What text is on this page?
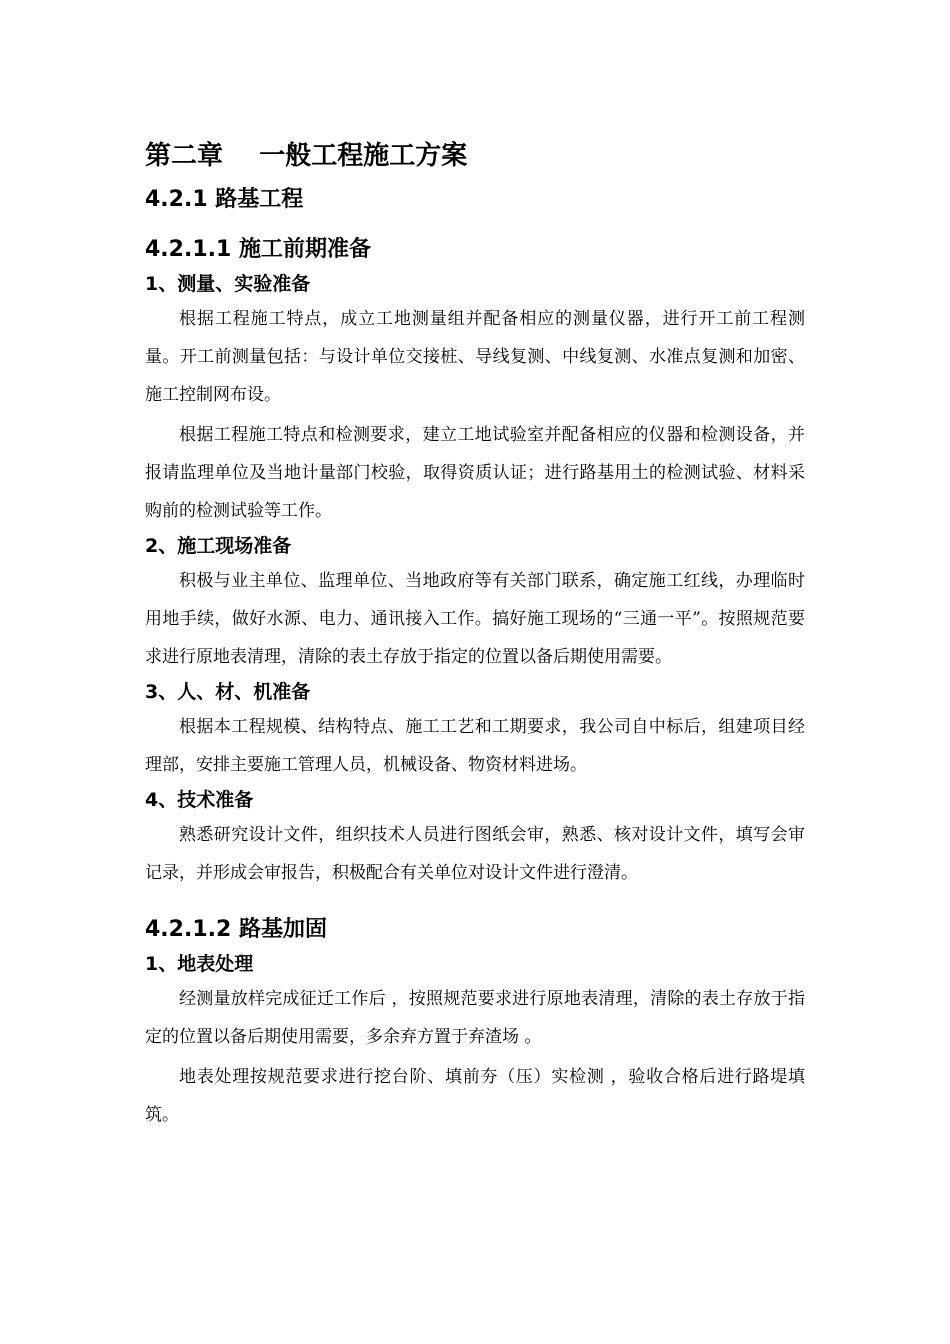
第二章    一般工程施工方案
4.2.1 路基工程
4.2.1.1 施工前期准备
1、测量、实验准备
根据工程施工特点，成立工地测量组并配备相应的测量仪器，进行开工前工程测量。开工前测量包括：与设计单位交接桩、导线复测、中线复测、水准点复测和加密、施工控制网布设。
根据工程施工特点和检测要求，建立工地试验室并配备相应的仪器和检测设备，并报请监理单位及当地计量部门校验，取得资质认证；进行路基用土的检测试验、材料采购前的检测试验等工作。
2、施工现场准备
积极与业主单位、监理单位、当地政府等有关部门联系，确定施工红线，办理临时用地手续，做好水源、电力、通讯接入工作。搞好施工现场的“三通一平”。按照规范要求进行原地表清理，清除的表土存放于指定的位置以备后期使用需要。
3、人、材、机准备
根据本工程规模、结构特点、施工工艺和工期要求，我公司自中标后，组建项目经理部，安排主要施工管理人员，机械设备、物资材料进场。
4、技术准备
熟悉研究设计文件，组织技术人员进行图纸会审，熟悉、核对设计文件，填写会审记录，并形成会审报告，积极配合有关单位对设计文件进行澄清。
4.2.1.2 路基加固
1、地表处理
经测量放样完成征迁工作后 ，按照规范要求进行原地表清理，清除的表土存放于指定的位置以备后期使用需要，多余弃方置于弃渣场 。
地表处理按规范要求进行挖台阶、填前夯（压）实检测 ，验收合格后进行路堤填筑。
